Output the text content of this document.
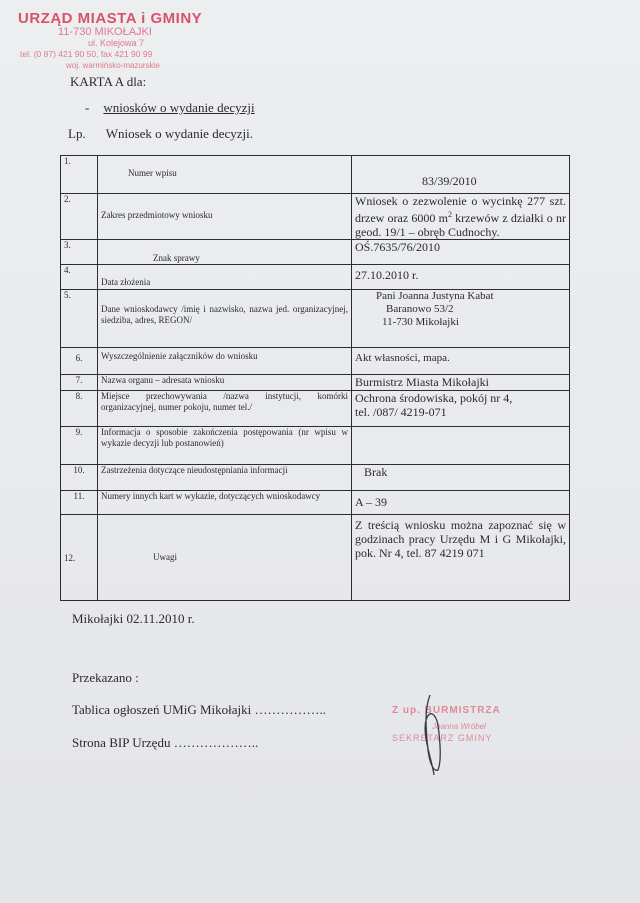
URZĄD MIASTA i GMINY
11-730 MIKOŁAJKI
ul. Kolejowa 7
tel. (0 87) 421 90 50, fax 421 90 99
woj. warmińsko-mazurskie
KARTA A dla:
- wniosków o wydanie decyzji
Lp. Wniosek o wydanie decyzji.
1.	Numer wpisu	83/39/2010
2.	Zakres przedmiotowy wniosku	Wniosek o zezwolenie o wycinkę 277 szt. drzew oraz 6000 $m^2$ krzewów z działki o nr geod. 19/1 – obręb Cudnochy.
3.	Znak sprawy	OŚ.7635/76/2010
4.	Data złożenia	27.10.2010 r.
5.	Dane wnioskodawcy /imię i nazwisko, nazwa jed. organizacyjnej, siedziba, adres, REGON/	Pani Joanna Justyna Kabat
Baranowo 53/2
11-730 Mikołajki

6.	Wyszczególnienie załączników do wniosku	Akt własności, mapa.
7.	Nazwa organu – adresata wniosku	Burmistrz Miasta Mikołajki
8.	Miejsce przechowywania /nazwa instytucji, komórki organizacyjnej, numer pokoju, numer tel./	Ochrona środowiska, pokój nr 4,
tel. /087/ 4219-071

9.	Informacja o sposobie zakończenia postępowania (nr wpisu w wykazie decyzji lub postanowień)	
10.	Zastrzeżenia dotyczące nieudostępniania informacji	Brak
11.	Numery innych kart w wykazie, dotyczących wnioskodawcy	A – 39
12.	Uwagi	Z treścią wniosku można zapoznać się w godzinach pracy Urzędu M i G Mikołajki, pok. Nr 4, tel. 87 4219 071
Mikołajki 02.11.2010 r.
Przekazano :
Tablica ogłoszeń UMiG Mikołajki ……………..
Strona BIP Urzędu ………………..
Z up. BURMISTRZA
Joanna Wróbel
SEKRETARZ GMINY
